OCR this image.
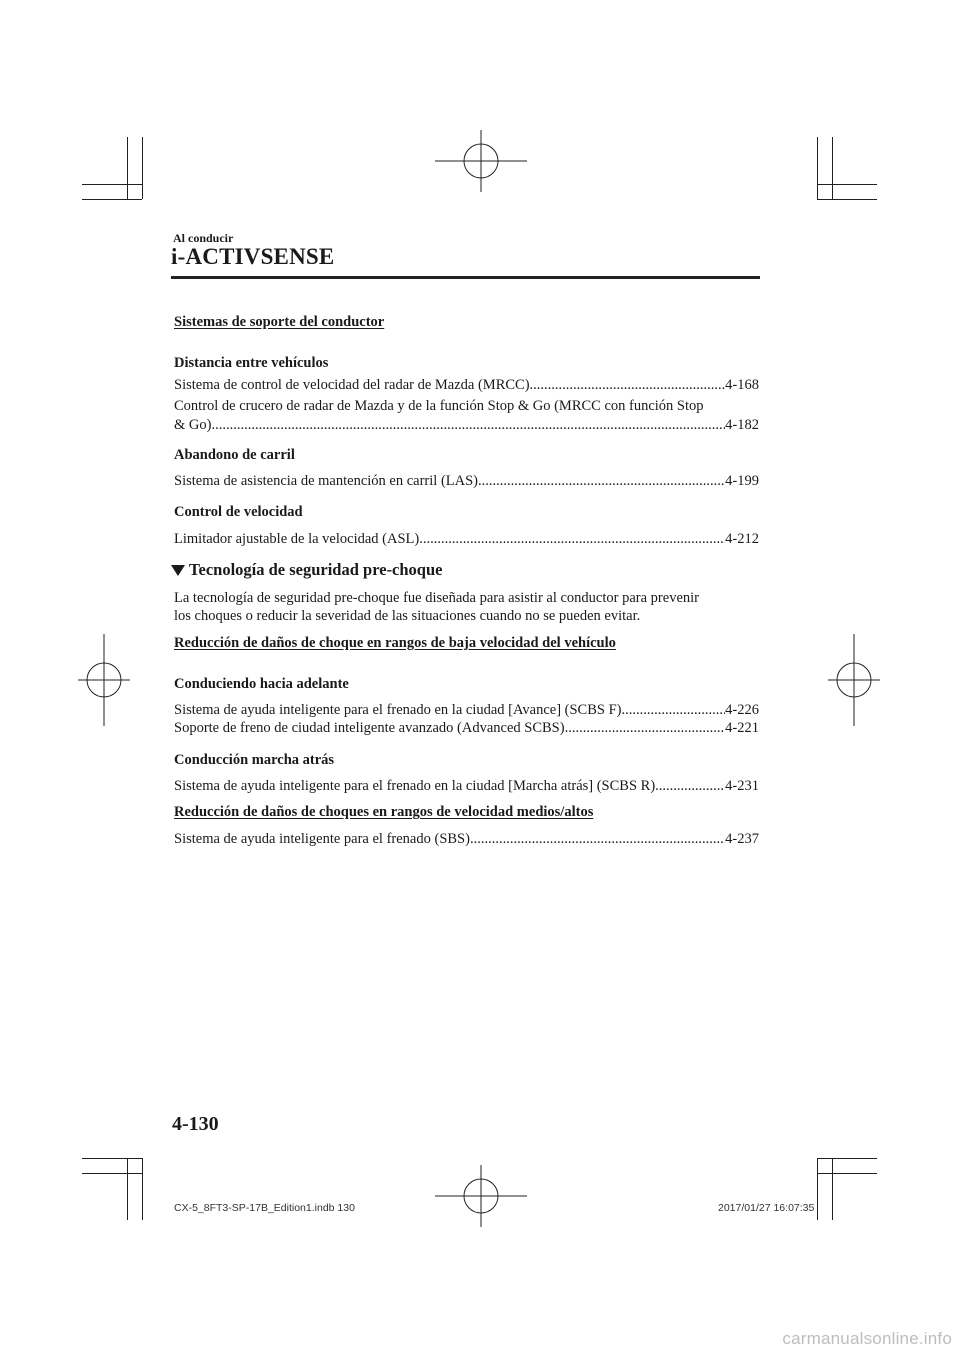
Al conducir
i-ACTIVSENSE
Sistemas de soporte del conductor
Distancia entre vehículos
Sistema de control de velocidad del radar de Mazda (MRCC) .....	4-168
Control de crucero de radar de Mazda y de la función Stop & Go (MRCC con función Stop
& Go) .....	4-182
Abandono de carril
Sistema de asistencia de mantención en carril (LAS) .....	4-199
Control de velocidad
Limitador ajustable de la velocidad (ASL) .....	4-212
Tecnología de seguridad pre-choque
La tecnología de seguridad pre-choque fue diseñada para asistir al conductor para prevenir
los choques o reducir la severidad de las situaciones cuando no se pueden evitar.
Reducción de daños de choque en rangos de baja velocidad del vehículo
Conduciendo hacia adelante
Sistema de ayuda inteligente para el frenado en la ciudad [Avance] (SCBS F) .....	4-226
Soporte de freno de ciudad inteligente avanzado (Advanced SCBS) .....	4-221
Conducción marcha atrás
Sistema de ayuda inteligente para el frenado en la ciudad [Marcha atrás] (SCBS R) .....	4-231
Reducción de daños de choques en rangos de velocidad medios/altos
Sistema de ayuda inteligente para el frenado (SBS) .....	4-237
4-130
CX-5_8FT3-SP-17B_Edition1.indb 130	2017/01/27 16:07:35
carmanualsonline.info
